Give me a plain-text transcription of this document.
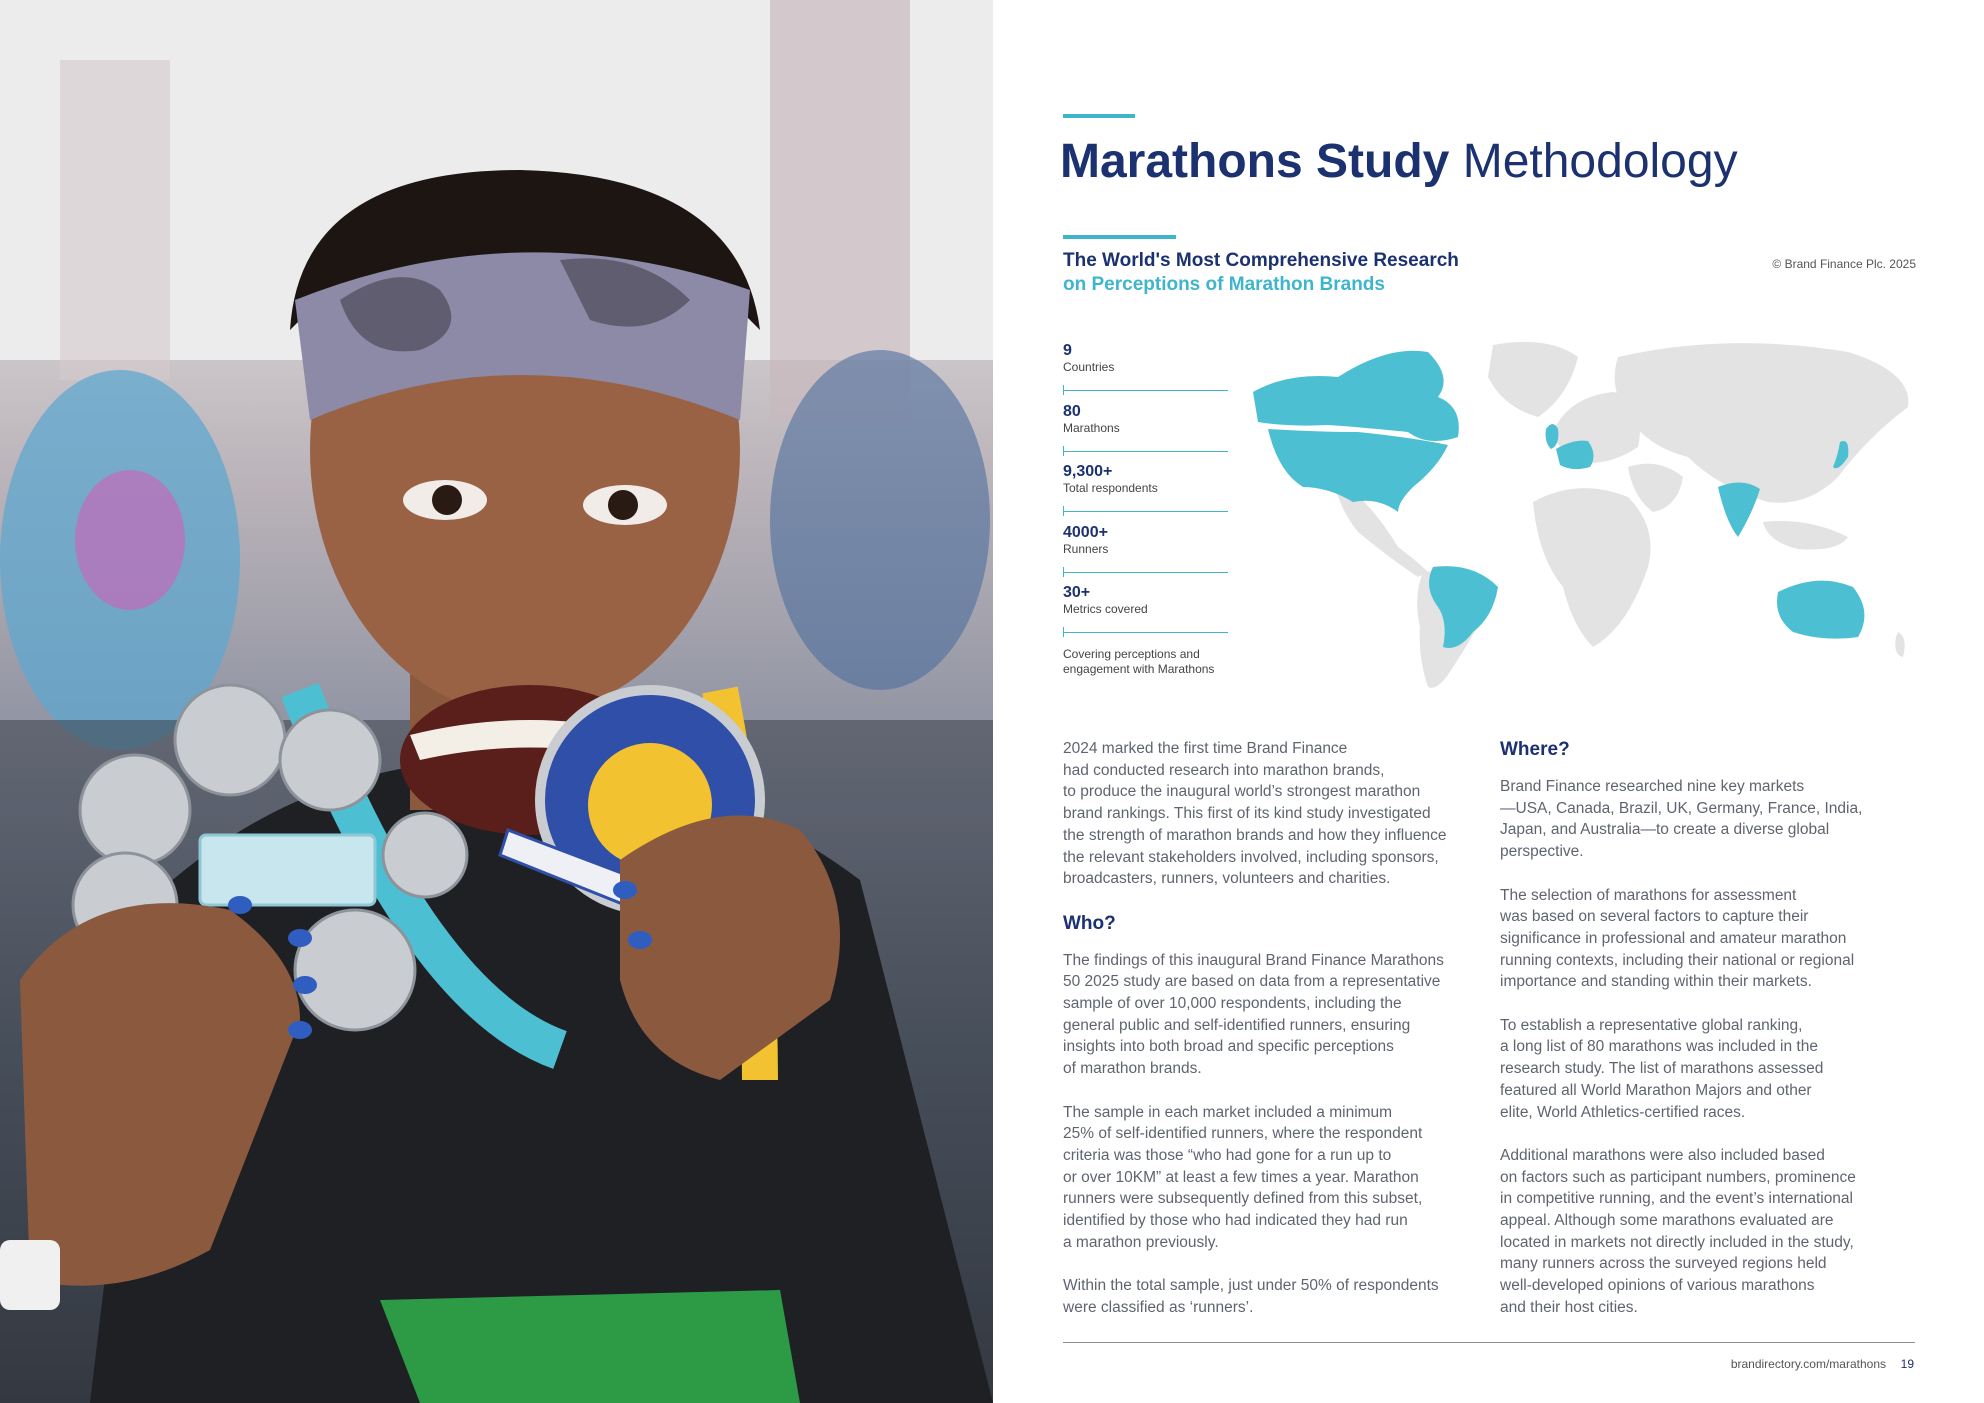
Marathons Study Methodology
The World's Most Comprehensive Research
on Perceptions of Marathon Brands
© Brand Finance Plc. 2025
9
Countries
80
Marathons
9,300+
Total respondents
4000+
Runners
30+
Metrics covered
Covering perceptions and
engagement with Marathons

2024 marked the first time Brand Finance
had conducted research into marathon brands,
to produce the inaugural world’s strongest marathon
brand rankings. This first of its kind study investigated
the strength of marathon brands and how they influence
the relevant stakeholders involved, including sponsors,
broadcasters, runners, volunteers and charities.

Who?

The findings of this inaugural Brand Finance Marathons
50 2025 study are based on data from a representative
sample of over 10,000 respondents, including the
general public and self-identified runners, ensuring
insights into both broad and specific perceptions
of marathon brands.

The sample in each market included a minimum
25% of self-identified runners, where the respondent
criteria was those “who had gone for a run up to
or over 10KM” at least a few times a year. Marathon
runners were subsequently defined from this subset,
identified by those who had indicated they had run
a marathon previously.

Within the total sample, just under 50% of respondents
were classified as ‘runners’.

Where?

Brand Finance researched nine key markets
—USA, Canada, Brazil, UK, Germany, France, India,
Japan, and Australia—to create a diverse global
perspective.

The selection of marathons for assessment
was based on several factors to capture their
significance in professional and amateur marathon
running contexts, including their national or regional
importance and standing within their markets.

To establish a representative global ranking,
a long list of 80 marathons was included in the
research study. The list of marathons assessed
featured all World Marathon Majors and other
elite, World Athletics-certified races.

Additional marathons were also included based
on factors such as participant numbers, prominence
in competitive running, and the event’s international
appeal. Although some marathons evaluated are
located in markets not directly included in the study,
many runners across the surveyed regions held
well-developed opinions of various marathons
and their host cities.

brandirectory.com/marathons 19
